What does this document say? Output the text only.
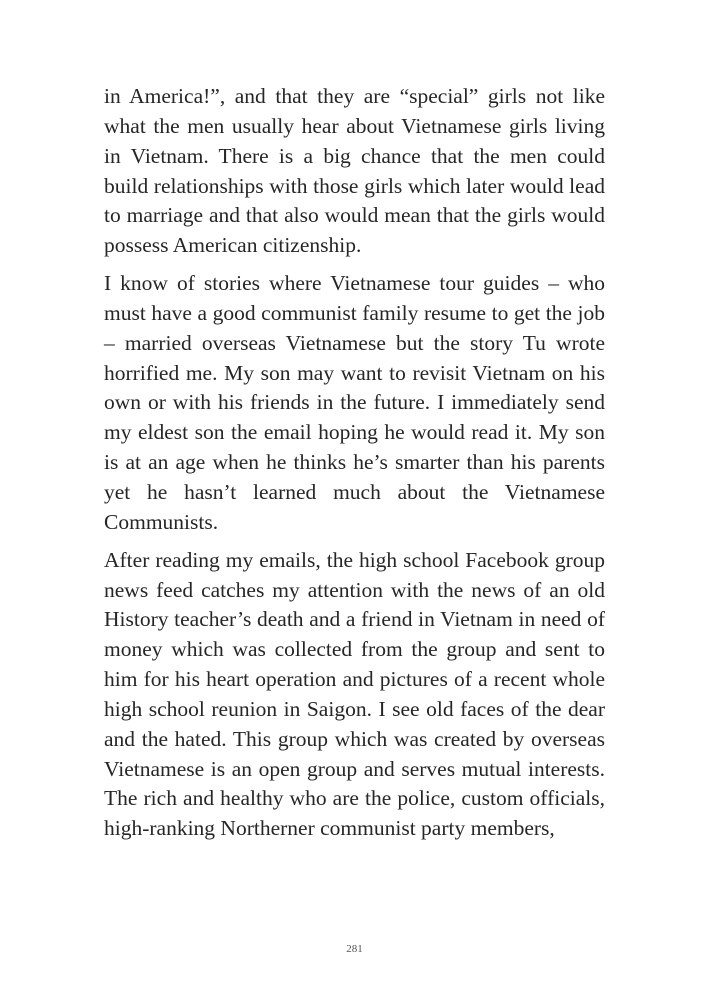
in America!”, and that they are “special” girls not like what the men usually hear about Vietnamese girls living in Vietnam. There is a big chance that the men could build relationships with those girls which later would lead to marriage and that also would mean that the girls would possess American citizenship.

I know of stories where Vietnamese tour guides – who must have a good communist family resume to get the job – married overseas Vietnamese but the story Tu wrote horrified me. My son may want to revisit Vietnam on his own or with his friends in the future. I immediately send my eldest son the email hoping he would read it. My son is at an age when he thinks he’s smarter than his parents yet he hasn’t learned much about the Vietnamese Communists.

After reading my emails, the high school Facebook group news feed catches my attention with the news of an old History teacher’s death and a friend in Vietnam in need of money which was collected from the group and sent to him for his heart operation and pictures of a recent whole high school reunion in Saigon. I see old faces of the dear and the hated. This group which was created by overseas Vietnamese is an open group and serves mutual interests. The rich and healthy who are the police, custom officials, high-ranking Northerner communist party members,

281
